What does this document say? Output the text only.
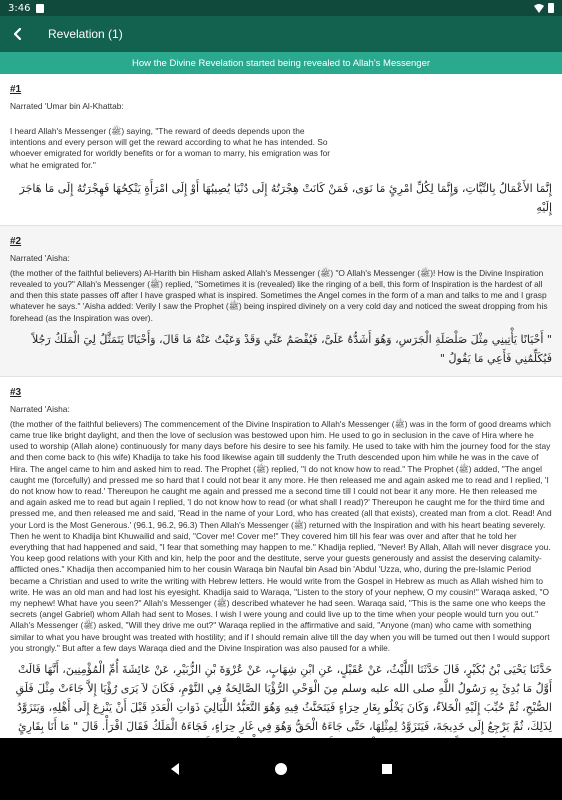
3:46
Revelation (1)
How the Divine Revelation started being revealed to Allah's Messenger
#1
Narrated 'Umar bin Al-Khattab:
I heard Allah's Messenger (ﷺ) saying, "The reward of deeds depends upon the intentions and every person will get the reward according to what he has intended. So whoever emigrated for worldly benefits or for a woman to marry, his emigration was for what he emigrated for."
إِنَّمَا الأَعْمَالُ بِالنِّيَّاتِ، وَإِنَّمَا لِكُلِّ امْرِئٍ مَا نَوَى، فَمَنْ كَانَتْ هِجْرَتُهُ إِلَى دُنْيَا يُصِيبُهَا أَوْ إِلَى امْرَأَةٍ يَنْكِحُهَا فَهِجْرَتُهُ إِلَى مَا هَاجَرَ إِلَيْهِ
#2
Narrated 'Aisha:
(the mother of the faithful believers) Al-Harith bin Hisham asked Allah's Messenger (ﷺ) "O Allah's Messenger (ﷺ)! How is the Divine Inspiration revealed to you?" Allah's Messenger (ﷺ) replied, "Sometimes it is (revealed) like the ringing of a bell, this form of Inspiration is the hardest of all and then this state passes off after I have grasped what is inspired. Sometimes the Angel comes in the form of a man and talks to me and I grasp whatever he says." 'Aisha added: Verily I saw the Prophet (ﷺ) being inspired divinely on a very cold day and noticed the sweat dropping from his forehead (as the Inspiration was over).
" أَحْيَانًا يَأْتِينِي مِثْلَ صَلْصَلَةِ الْجَرَسِ، وَهُوَ أَشَدُّهُ عَلَىَّ، فَيُفْصَمُ عَنِّي وَقَدْ وَعَيْتُ عَنْهُ مَا قَالَ، وَأَحْيَانًا يَتَمَثَّلُ لِيَ الْمَلَكُ رَجُلاً فَيُكَلِّمُنِي فَأَعِي مَا يَقُولُ "
#3
Narrated 'Aisha:
(the mother of the faithful believers) The commencement of the Divine Inspiration to Allah's Messenger (ﷺ) was in the form of good dreams which came true like bright daylight, and then the love of seclusion was bestowed upon him. He used to go in seclusion in the cave of Hira where he used to worship (Allah alone) continuously for many days before his desire to see his family. He used to take with him the journey food for the stay and then come back to (his wife) Khadija to take his food likewise again till suddenly the Truth descended upon him while he was in the cave of Hira. The angel came to him and asked him to read. The Prophet (ﷺ) replied, "I do not know how to read." The Prophet (ﷺ) added, "The angel caught me (forcefully) and pressed me so hard that I could not bear it any more. He then released me and again asked me to read and I replied, 'I do not know how to read.' Thereupon he caught me again and pressed me a second time till I could not bear it any more. He then released me and again asked me to read but again I replied, 'I do not know how to read (or what shall I read)?' Thereupon he caught me for the third time and pressed me, and then released me and said, 'Read in the name of your Lord, who has created (all that exists), created man from a clot. Read! And your Lord is the Most Generous.' (96.1, 96.2, 96.3) Then Allah's Messenger (ﷺ) returned with the Inspiration and with his heart beating severely. Then he went to Khadija bint Khuwailid and said, "Cover me! Cover me!" They covered him till his fear was over and after that he told her everything that had happened and said, "I fear that something may happen to me." Khadija replied, "Never! By Allah, Allah will never disgrace you. You keep good relations with your Kith and kin, help the poor and the destitute, serve your guests generously and assist the deserving calamity-afflicted ones." Khadija then accompanied him to her cousin Waraqa bin Naufal bin Asad bin 'Abdul 'Uzza, who, during the pre-Islamic Period became a Christian and used to write the writing with Hebrew letters. He would write from the Gospel in Hebrew as much as Allah wished him to write. He was an old man and had lost his eyesight. Khadija said to Waraqa, "Listen to the story of your nephew, O my cousin!" Waraqa asked, "O my nephew! What have you seen?" Allah's Messenger (ﷺ) described whatever he had seen. Waraqa said, "This is the same one who keeps the secrets (angel Gabriel) whom Allah had sent to Moses. I wish I were young and could live up to the time when your people would turn you out." Allah's Messenger (ﷺ) asked, "Will they drive me out?" Waraqa replied in the affirmative and said, "Anyone (man) who came with something similar to what you have brought was treated with hostility; and if I should remain alive till the day when you will be turned out then I would support you strongly." But after a few days Waraqa died and the Divine Inspiration was also paused for a while.
حَدَّثَنَا يَحْيَى بْنُ بُكَيْرٍ، قَالَ حَدَّثَنَا اللَّيْثُ، عَنْ عُقَيْلٍ، عَنِ ابْنِ شِهَابٍ، عَنْ عُرْوَةَ بْنِ الزُّبَيْرِ، عَنْ عَائِشَةَ أُمِّ الْمُؤْمِنِينَ، أَنَّهَا قَالَتْ أَوَّلُ مَا بُدِئَ بِهِ رَسُولُ اللَّهِ صلى الله عليه وسلم مِنَ الْوَحْىِ الرُّؤْيَا الصَّالِحَةُ فِي النَّوْمِ، فَكَانَ لاَ يَرَى رُؤْيَا إِلاَّ جَاءَتْ مِثْلَ فَلَقِ الصُّبْحِ، ثُمَّ حُبِّبَ إِلَيْهِ الْخَلاَءُ، وَكَانَ يَخْلُو بِغَارِ حِرَاءٍ فَيَتَحَنَّثُ فِيهِ وَهُوَ التَّعَبُّدُ اللَّيَالِيَ ذَوَاتِ الْعَدَدِ قَبْلَ أَنْ يَنْزِعَ إِلَى أَهْلِهِ، وَيَتَزَوَّدُ لِذَلِكَ، ثُمَّ يَرْجِعُ إِلَى خَدِيجَةَ، فَيَتَزَوَّدُ لِمِثْلِهَا، حَتَّى جَاءَهُ الْحَقُّ وَهُوَ فِي غَارِ حِرَاءٍ، فَجَاءَهُ الْمَلَكُ فَقَالَ اقْرَأْ‏.‏ قَالَ ‏"‏ مَا أَنَا بِقَارِئٍ
